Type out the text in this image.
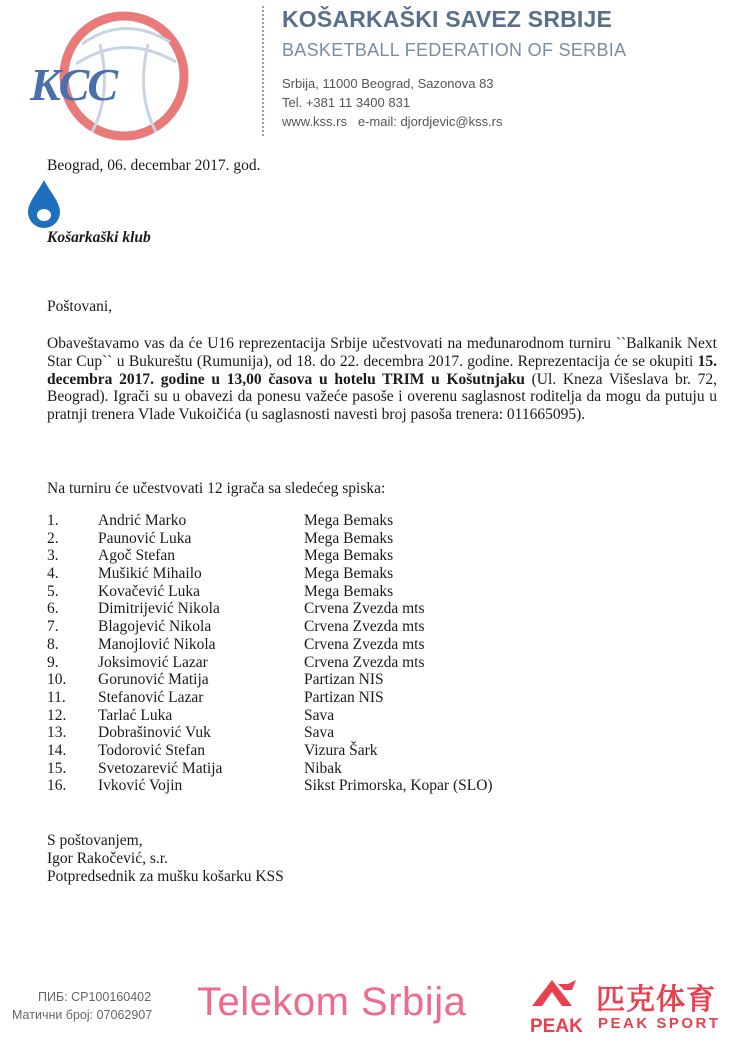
KCC
KOŠARKAŠKI SAVEZ SRBIJE
BASKETBALL FEDERATION OF SERBIA
Srbija, 11000 Beograd, Sazonova 83
Tel. +381 11 3400 831
www.kss.rs   e-mail: djordjevic@kss.rs
Beograd, 06. decembar 2017. god.
Košarkaški klub
Poštovani,
Obaveštavamo vas da će U16 reprezentacija Srbije učestvovati na međunarodnom turniru ``Balkanik Next Star Cup`` u Bukureštu (Rumunija), od 18. do 22. decembra 2017. godine. Reprezentacija će se okupiti 15. decembra 2017. godine u 13,00 časova u hotelu TRIM u Košutnjaku (Ul. Kneza Višeslava br. 72, Beograd). Igrači su u obavezi da ponesu važeće pasoše i overenu saglasnost roditelja da mogu da putuju u pratnji trenera Vlade Vukoičića (u saglasnosti navesti broj pasoša trenera: 011665095).
Na turniru će učestvovati 12 igrača sa sledećeg spiska:
1.	Andrić Marko	Mega Bemaks
2.	Paunović Luka	Mega Bemaks
3.	Agoč Stefan	Mega Bemaks
4.	Mušikić Mihailo	Mega Bemaks
5.	Kovačević Luka	Mega Bemaks
6.	Dimitrijević Nikola	Crvena Zvezda mts
7.	Blagojević Nikola	Crvena Zvezda mts
8.	Manojlović Nikola	Crvena Zvezda mts
9.	Joksimović Lazar	Crvena Zvezda mts
10. Gorunović Matija	Partizan NIS
11. Stefanović Lazar	Partizan NIS
12. Tarlać Luka	Sava
13. Dobrašinović Vuk	Sava
14. Todorović Stefan	Vizura Šark
15. Svetozarević Matija	Nibak
16. Ivković Vojin	Sikst Primorska, Kopar (SLO)
S poštovanjem,
Igor Rakočević, s.r.
Potpredsednik za mušku košarku KSS
ПИБ: СР100160402
Матични број: 07062907 Telekom Srbija
PEAK
匹克体育
PEAK SPORT
